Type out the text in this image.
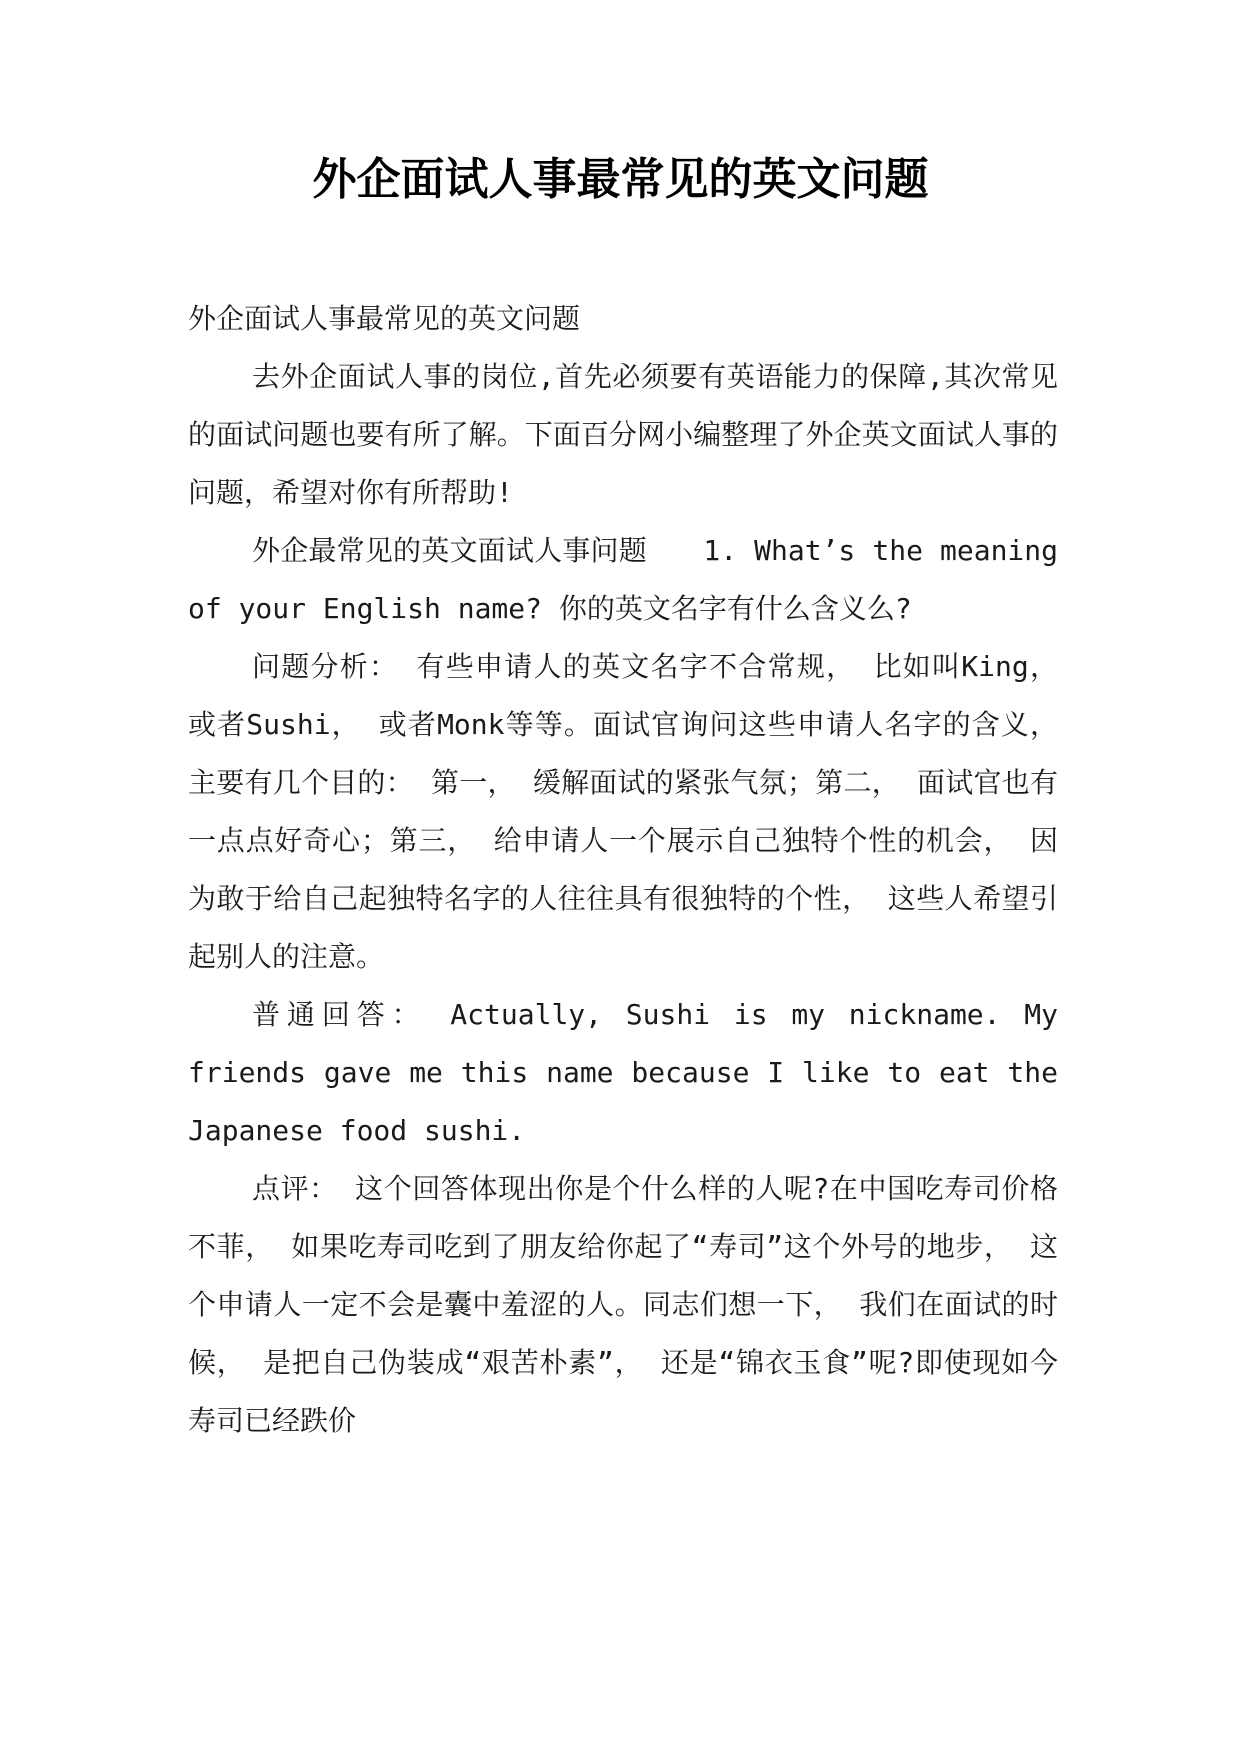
外企面试人事最常见的英文问题

外企面试人事最常见的英文问题

去外企面试人事的岗位,首先必须要有英语能力的保障,其次常见的面试问题也要有所了解。下面百分网小编整理了外企英文面试人事的问题，希望对你有所帮助!

外企最常见的英文面试人事问题　　1. What’s the meaning of your English name? 你的英文名字有什么含义么?

问题分析： 有些申请人的英文名字不合常规， 比如叫King， 或者Sushi， 或者Monk等等。面试官询问这些申请人名字的含义， 主要有几个目的： 第一， 缓解面试的紧张气氛；第二， 面试官也有一点点好奇心；第三， 给申请人一个展示自己独特个性的机会， 因为敢于给自己起独特名字的人往往具有很独特的个性， 这些人希望引起别人的注意。

普通回答： Actually, Sushi is my nickname. My friends gave me this name because I like to eat the Japanese food sushi.

点评： 这个回答体现出你是个什么样的人呢?在中国吃寿司价格不菲， 如果吃寿司吃到了朋友给你起了“寿司”这个外号的地步， 这个申请人一定不会是囊中羞涩的人。同志们想一下， 我们在面试的时候， 是把自己伪装成“艰苦朴素”， 还是“锦衣玉食”呢?即使现如今寿司已经跌价
